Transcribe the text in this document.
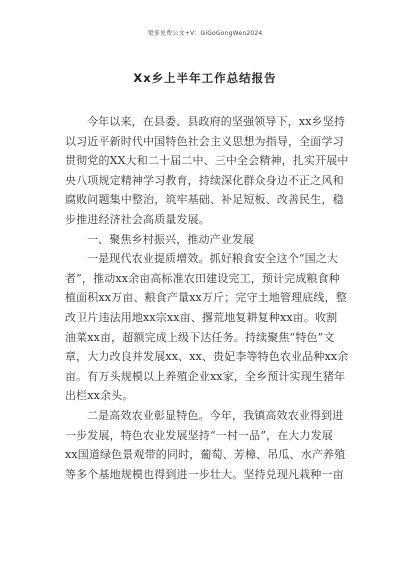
更多免费公文+V：GiGoGongWen2024
Xx乡上半年工作总结报告
今年以来，在县委、县政府的坚强领导下，xx乡坚持
以习近平新时代中国特色社会主义思想为指导，全面学习
贯彻党的XX大和二十届二中、三中全会精神，扎实开展中
央八项规定精神学习教育，持续深化群众身边不正之风和
腐败问题集中整治，筑牢基础、补足短板、改善民生，稳
步推进经济社会高质量发展。
一、聚焦乡村振兴，推动产业发展
一是现代农业提质增效。抓好粮食安全这个“国之大
者”，推动xx余亩高标准农田建设完工，预计完成粮食种
植面积xx万亩、粮食产量xx万斤；完守土地管理底线，整
改卫片违法用地xx宗xx亩、撂荒地复耕复种xx亩。收割
油菜xx亩，超额完成上级下达任务。持续聚焦“特色”文
章，大力改良并发展xx、xx、贵妃李等特色农业品种xx余
亩。有万头规模以上养殖企业xx家，全乡预计实现生猪年
出栏xx余头。
二是高效农业彰显特色。今年，我镇高效农业得到进
一步发展，特色农业发展坚持“一村一品”，在大力发展
xx国道绿色景观带的同时，葡萄、芳樟、吊瓜、水产养殖
等多个基地规模也得到进一步壮大。坚持兑现凡栽种一亩
